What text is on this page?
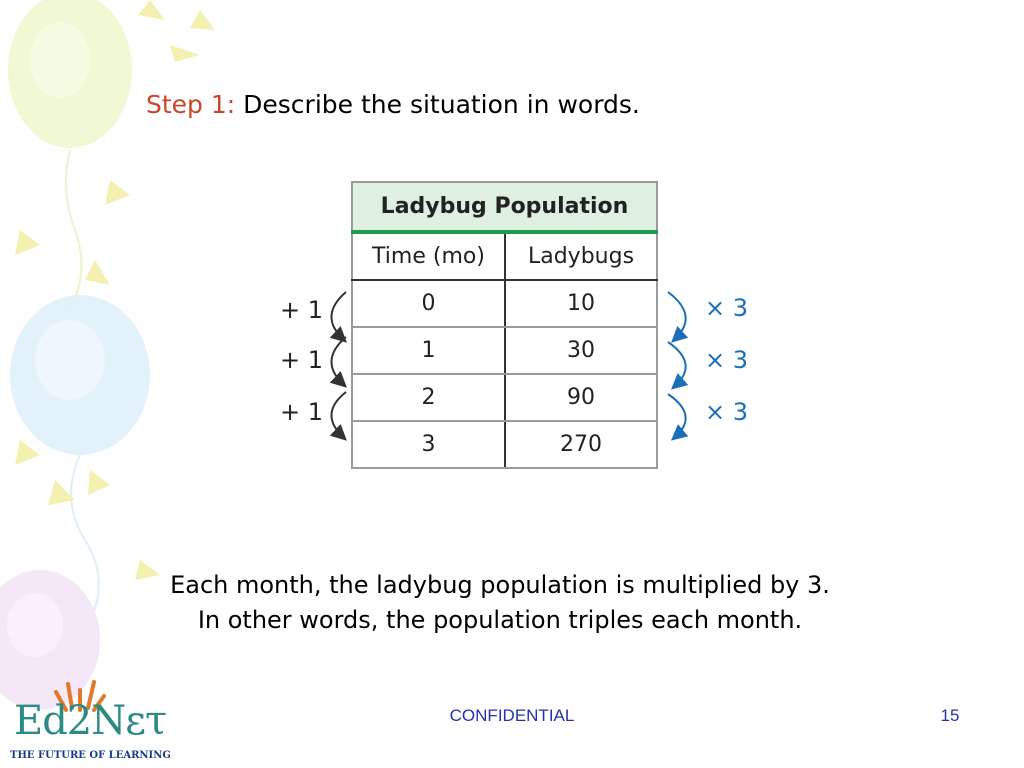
Step 1: Describe the situation in words.
Ladybug Population	
Time (mo)	Ladybugs
0	10
1	30
2	90
3	270
+ 1
+ 1
+ 1
× 3
× 3
× 3
Each month, the ladybug population is multiplied by 3.
In other words, the population triples each month.
Ed2Nετ
THE FUTURE OF LEARNING
CONFIDENTIAL	15
